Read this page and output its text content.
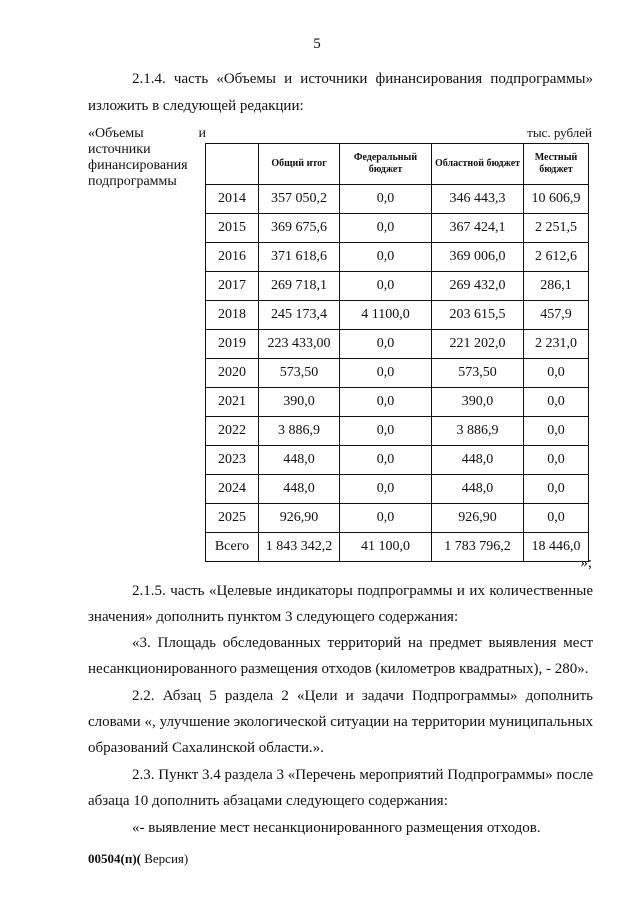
5
2.1.4. часть «Объемы и источники финансирования подпрограммы»
изложить в следующей редакции:
«Объемы	и
источники
финансирования
подпрограммы
тыс. рублей
	Общий итог	Федеральный бюджет	Областной бюджет	Местный бюджет
2014	357 050,2	0,0	346 443,3	10 606,9
2015	369 675,6	0,0	367 424,1	2 251,5
2016	371 618,6	0,0	369 006,0	2 612,6
2017	269 718,1	0,0	269 432,0	286,1
2018	245 173,4	4 1100,0	203 615,5	457,9
2019	223 433,00	0,0	221 202,0	2 231,0
2020	573,50	0,0	573,50	0,0
2021	390,0	0,0	390,0	0,0
2022	3 886,9	0,0	3 886,9	0,0
2023	448,0	0,0	448,0	0,0
2024	448,0	0,0	448,0	0,0
2025	926,90	0,0	926,90	0,0
Всего	1 843 342,2	41 100,0	1 783 796,2	18 446,0
»;
2.1.5. часть «Целевые индикаторы подпрограммы и их количественные
значения» дополнить пунктом 3 следующего содержания:
«3. Площадь обследованных территорий на предмет выявления мест
несанкционированного размещения отходов (километров квадратных), - 280».
2.2. Абзац 5 раздела 2 «Цели и задачи Подпрограммы» дополнить
словами «, улучшение экологической ситуации на территории муниципальных
образований Сахалинской области.».
2.3. Пункт 3.4 раздела 3 «Перечень мероприятий Подпрограммы» после
абзаца 10 дополнить абзацами следующего содержания:
«- выявление мест несанкционированного размещения отходов.
00504(п)( Версия)
